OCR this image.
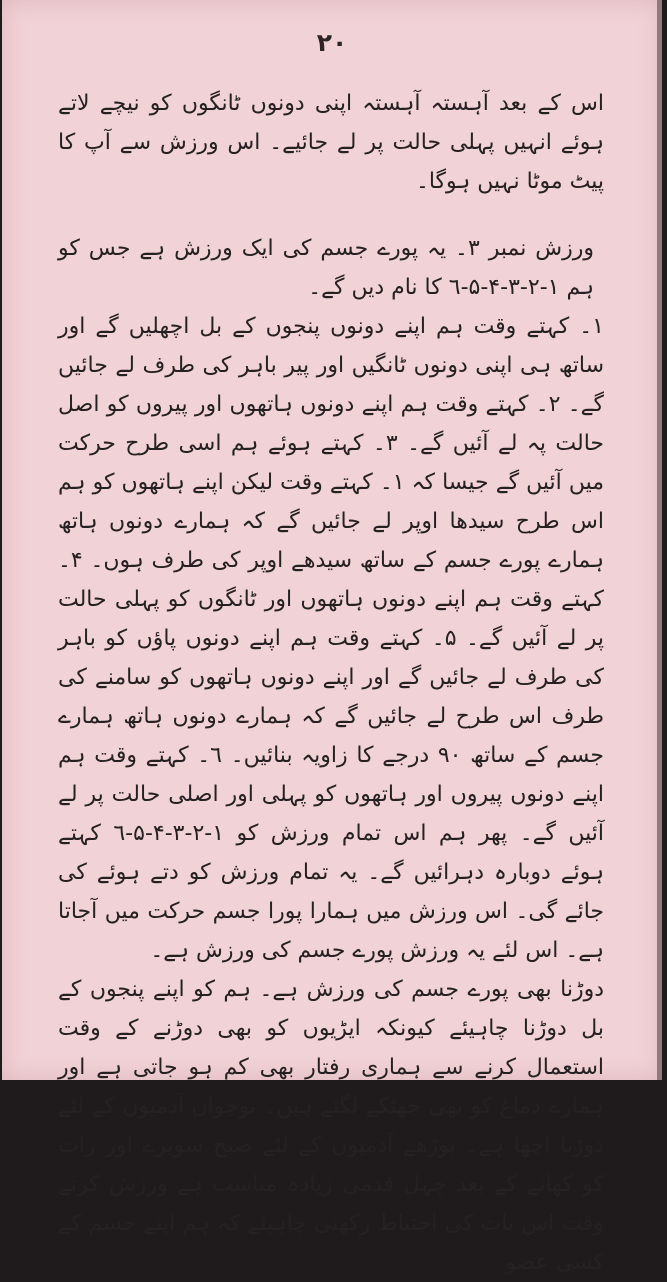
٢٠

اس کے بعد آہستہ آہستہ اپنی دونوں ٹانگوں کو نیچے لاتے ہوئے انہیں پہلی حالت پر لے جائیے۔ اس ورزش سے آپ کا پیٹ موٹا نہیں ہوگا۔

ورزش نمبر ٣۔ یہ پورے جسم کی ایک ورزش ہے جس کو ہم ١-٢-٣-۴-۵-٦ کا نام دیں گے۔

١۔ کہتے وقت ہم اپنے دونوں پنجوں کے بل اچھلیں گے اور ساتھ ہی اپنی دونوں ٹانگیں اور پیر باہر کی طرف لے جائیں گے۔ ٢۔ کہتے وقت ہم اپنے دونوں ہاتھوں اور پیروں کو اصل حالت پہ لے آئیں گے۔ ٣۔ کہتے ہوئے ہم اسی طرح حرکت میں آئیں گے جیسا کہ ١۔ کہتے وقت لیکن اپنے ہاتھوں کو ہم اس طرح سیدھا اوپر لے جائیں گے کہ ہمارے دونوں ہاتھ ہمارے پورے جسم کے ساتھ سیدھے اوپر کی طرف ہوں۔ ۴۔ کہتے وقت ہم اپنے دونوں ہاتھوں اور ٹانگوں کو پہلی حالت پر لے آئیں گے۔ ۵۔ کہتے وقت ہم اپنے دونوں پاؤں کو باہر کی طرف لے جائیں گے اور اپنے دونوں ہاتھوں کو سامنے کی طرف اس طرح لے جائیں گے کہ ہمارے دونوں ہاتھ ہمارے جسم کے ساتھ ٩٠ درجے کا زاویہ بنائیں۔ ٦۔ کہتے وقت ہم اپنے دونوں پیروں اور ہاتھوں کو پہلی اور اصلی حالت پر لے آئیں گے۔ پھر ہم اس تمام ورزش کو ١-٢-٣-۴-۵-٦ کہتے ہوئے دوبارہ دہرائیں گے۔ یہ تمام ورزش کو دتے ہوئے کی جائے گی۔ اس ورزش میں ہمارا پورا جسم حرکت میں آجاتا ہے۔ اس لئے یہ ورزش پورے جسم کی ورزش ہے۔

دوڑنا بھی پورے جسم کی ورزش ہے۔ ہم کو اپنے پنجوں کے بل دوڑنا چاہیئے کیونکہ ایڑیوں کو بھی دوڑنے کے وقت استعمال کرنے سے ہماری رفتار بھی کم ہو جاتی ہے اور ہمارے دماغ کو بھی جھٹکے لگتے ہیں۔ نوجوان آدمیوں کے لئے دوڑنا اچھا ہے۔ بوڑھے آدمیوں کے لئے صبح سویرے اور رات کو کھانے کے بعد چہل قدمی زیادہ مناسب ہے ورزش کرتے وقت اس بات کی احتیاط رکھنی چاہیئے کہ ہم اپنے جسم کے کسی عضو
